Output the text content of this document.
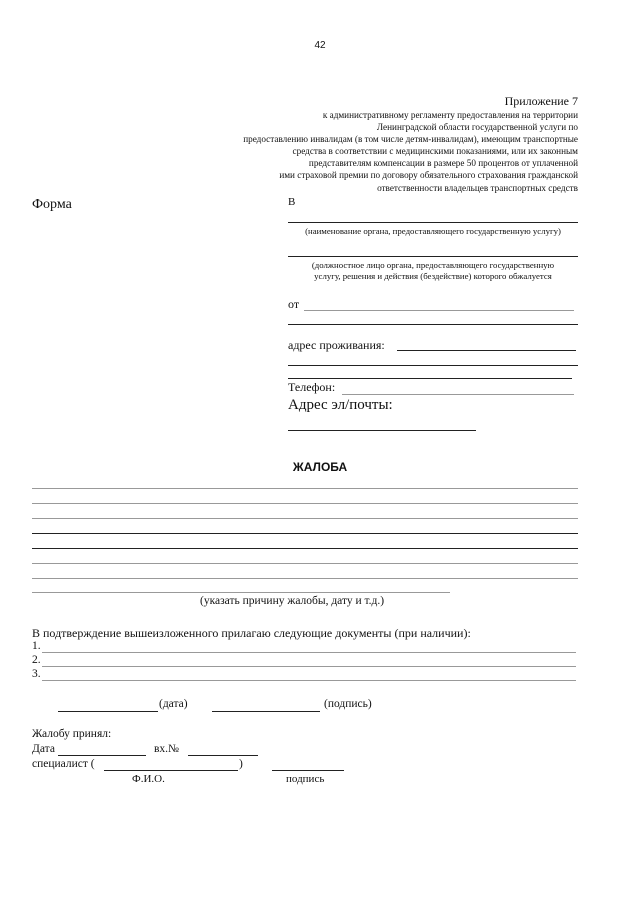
42
Приложение 7
к административному регламенту предоставления на территории
Ленинградской области государственной услуги по
предоставлению инвалидам (в том числе детям-инвалидам), имеющим транспортные
средства в соответствии с медицинскими показаниями, или их законным
представителям компенсации в размере 50 процентов от уплаченной
ими страховой премии по договору обязательного страхования гражданской
ответственности владельцев транспортных средств
Форма	В
(наименование органа, предоставляющего государственную услугу)
(должностное лицо органа, предоставляющего государственную
услугу, решения и действия (бездействие) которого обжалуется
от
адрес проживания:
Телефон:
Адрес эл/почты:
ЖАЛОБА
(указать причину жалобы, дату и т.д.)
В подтверждение вышеизложенного прилагаю следующие документы (при наличии):
1.
2.
3.
(дата)	(подпись)
Жалобу принял:
Дата	вх.№
специалист (	)
Ф.И.О.	подпись
